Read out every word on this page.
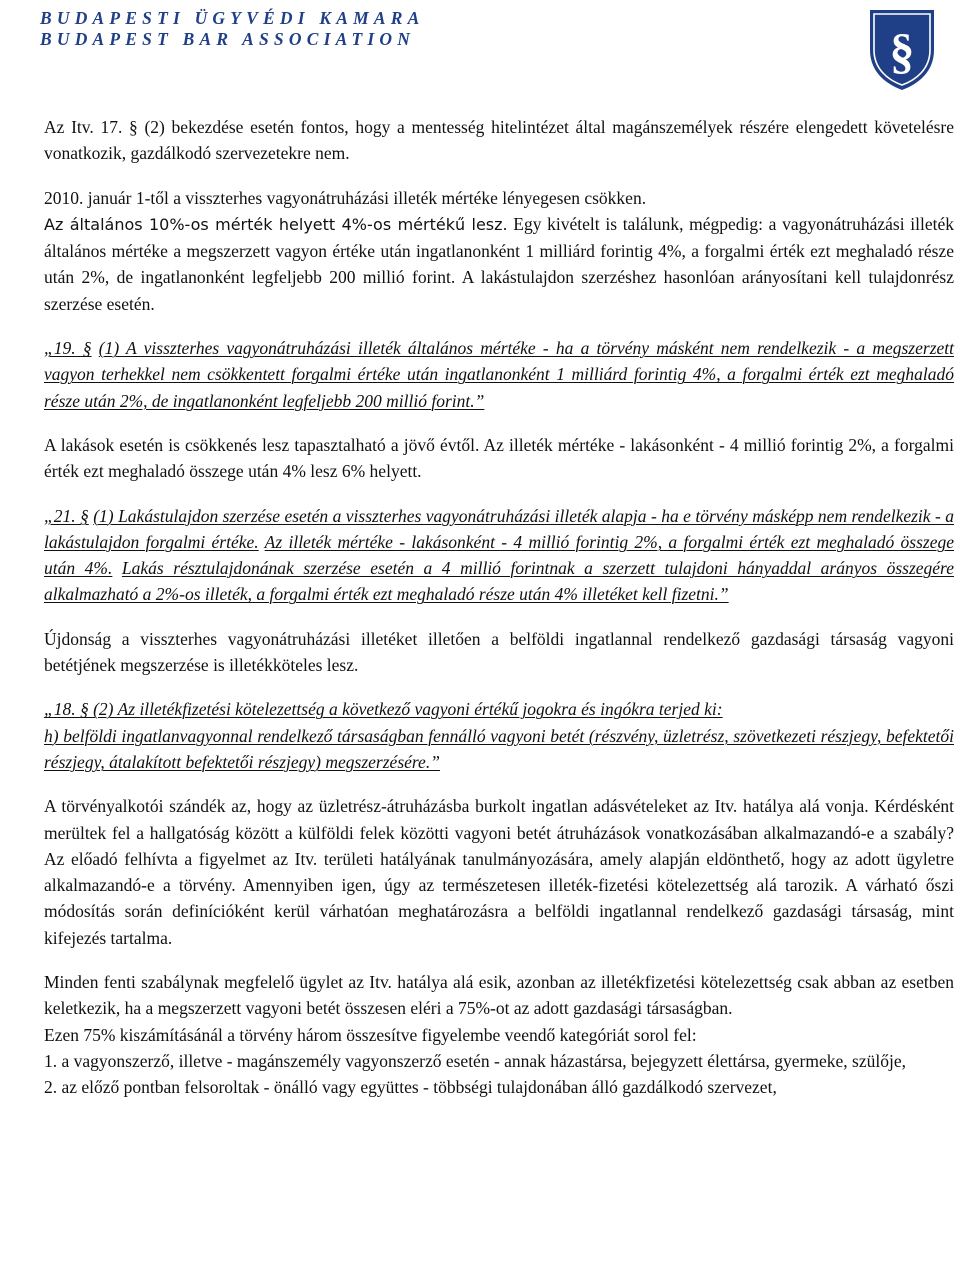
BUDAPESTI ÜGYVÉDI KAMARA
BUDAPEST BAR ASSOCIATION	§

Az Itv. 17. § (2) bekezdése esetén fontos, hogy a mentesség hitelintézet által magánszemélyek részére elengedett követelésre vonatkozik, gazdálkodó szervezetekre nem.

2010. január 1-től a visszterhes vagyonátruházási illeték mértéke lényegesen csökken.
Az általános 10%-os mérték helyett 4%-os mértékű lesz. Egy kivételt is találunk, mégpedig: a vagyonátruházási illeték általános mértéke a megszerzett vagyon értéke után ingatlanonként 1 milliárd forintig 4%, a forgalmi érték ezt meghaladó része után 2%, de ingatlanonként legfeljebb 200 millió forint. A lakástulajdon szerzéshez hasonlóan arányosítani kell tulajdonrész szerzése esetén.

„19. § (1) A visszterhes vagyonátruházási illeték általános mértéke - ha a törvény másként nem rendelkezik - a megszerzett vagyon terhekkel nem csökkentett forgalmi értéke után ingatlanonként 1 milliárd forintig 4%, a forgalmi érték ezt meghaladó része után 2%, de ingatlanonként legfeljebb 200 millió forint.”

A lakások esetén is csökkenés lesz tapasztalható a jövő évtől. Az illeték mértéke - lakásonként - 4 millió forintig 2%, a forgalmi érték ezt meghaladó összege után 4% lesz 6% helyett.

„21. § (1) Lakástulajdon szerzése esetén a visszterhes vagyonátruházási illeték alapja - ha e törvény másképp nem rendelkezik - a lakástulajdon forgalmi értéke. Az illeték mértéke - lakásonként - 4 millió forintig 2%, a forgalmi érték ezt meghaladó összege után 4%. Lakás résztulajdonának szerzése esetén a 4 millió forintnak a szerzett tulajdoni hányaddal arányos összegére alkalmazható a 2%-os illeték, a forgalmi érték ezt meghaladó része után 4% illetéket kell fizetni.”

Újdonság a visszterhes vagyonátruházási illetéket illetően a belföldi ingatlannal rendelkező gazdasági társaság vagyoni betétjének megszerzése is illetékköteles lesz.

„18. § (2) Az illetékfizetési kötelezettség a következő vagyoni értékű jogokra és ingókra terjed ki:
h) belföldi ingatlanvagyonnal rendelkező társaságban fennálló vagyoni betét (részvény, üzletrész, szövetkezeti részjegy, befektetői részjegy, átalakított befektetői részjegy) megszerzésére.”

A törvényalkotói szándék az, hogy az üzletrész-átruházásba burkolt ingatlan adásvételeket az Itv. hatálya alá vonja. Kérdésként merültek fel a hallgatóság között a külföldi felek közötti vagyoni betét átruházások vonatkozásában alkalmazandó-e a szabály? Az előadó felhívta a figyelmet az Itv. területi hatályának tanulmányozására, amely alapján eldönthető, hogy az adott ügyletre alkalmazandó-e a törvény. Amennyiben igen, úgy az természetesen illeték-fizetési kötelezettség alá tarozik. A várható őszi módosítás során definícióként kerül várhatóan meghatározásra a belföldi ingatlannal rendelkező gazdasági társaság, mint kifejezés tartalma.

Minden fenti szabálynak megfelelő ügylet az Itv. hatálya alá esik, azonban az illetékfizetési kötelezettség csak abban az esetben keletkezik, ha a megszerzett vagyoni betét összesen eléri a 75%-ot az adott gazdasági társaságban.

Ezen 75% kiszámításánál a törvény három összesítve figyelembe veendő kategóriát sorol fel:

1. a vagyonszerző, illetve - magánszemély vagyonszerző esetén - annak házastársa, bejegyzett élettársa, gyermeke, szülője,

2. az előző pontban felsoroltak - önálló vagy együttes - többségi tulajdonában álló gazdálkodó szervezet,
